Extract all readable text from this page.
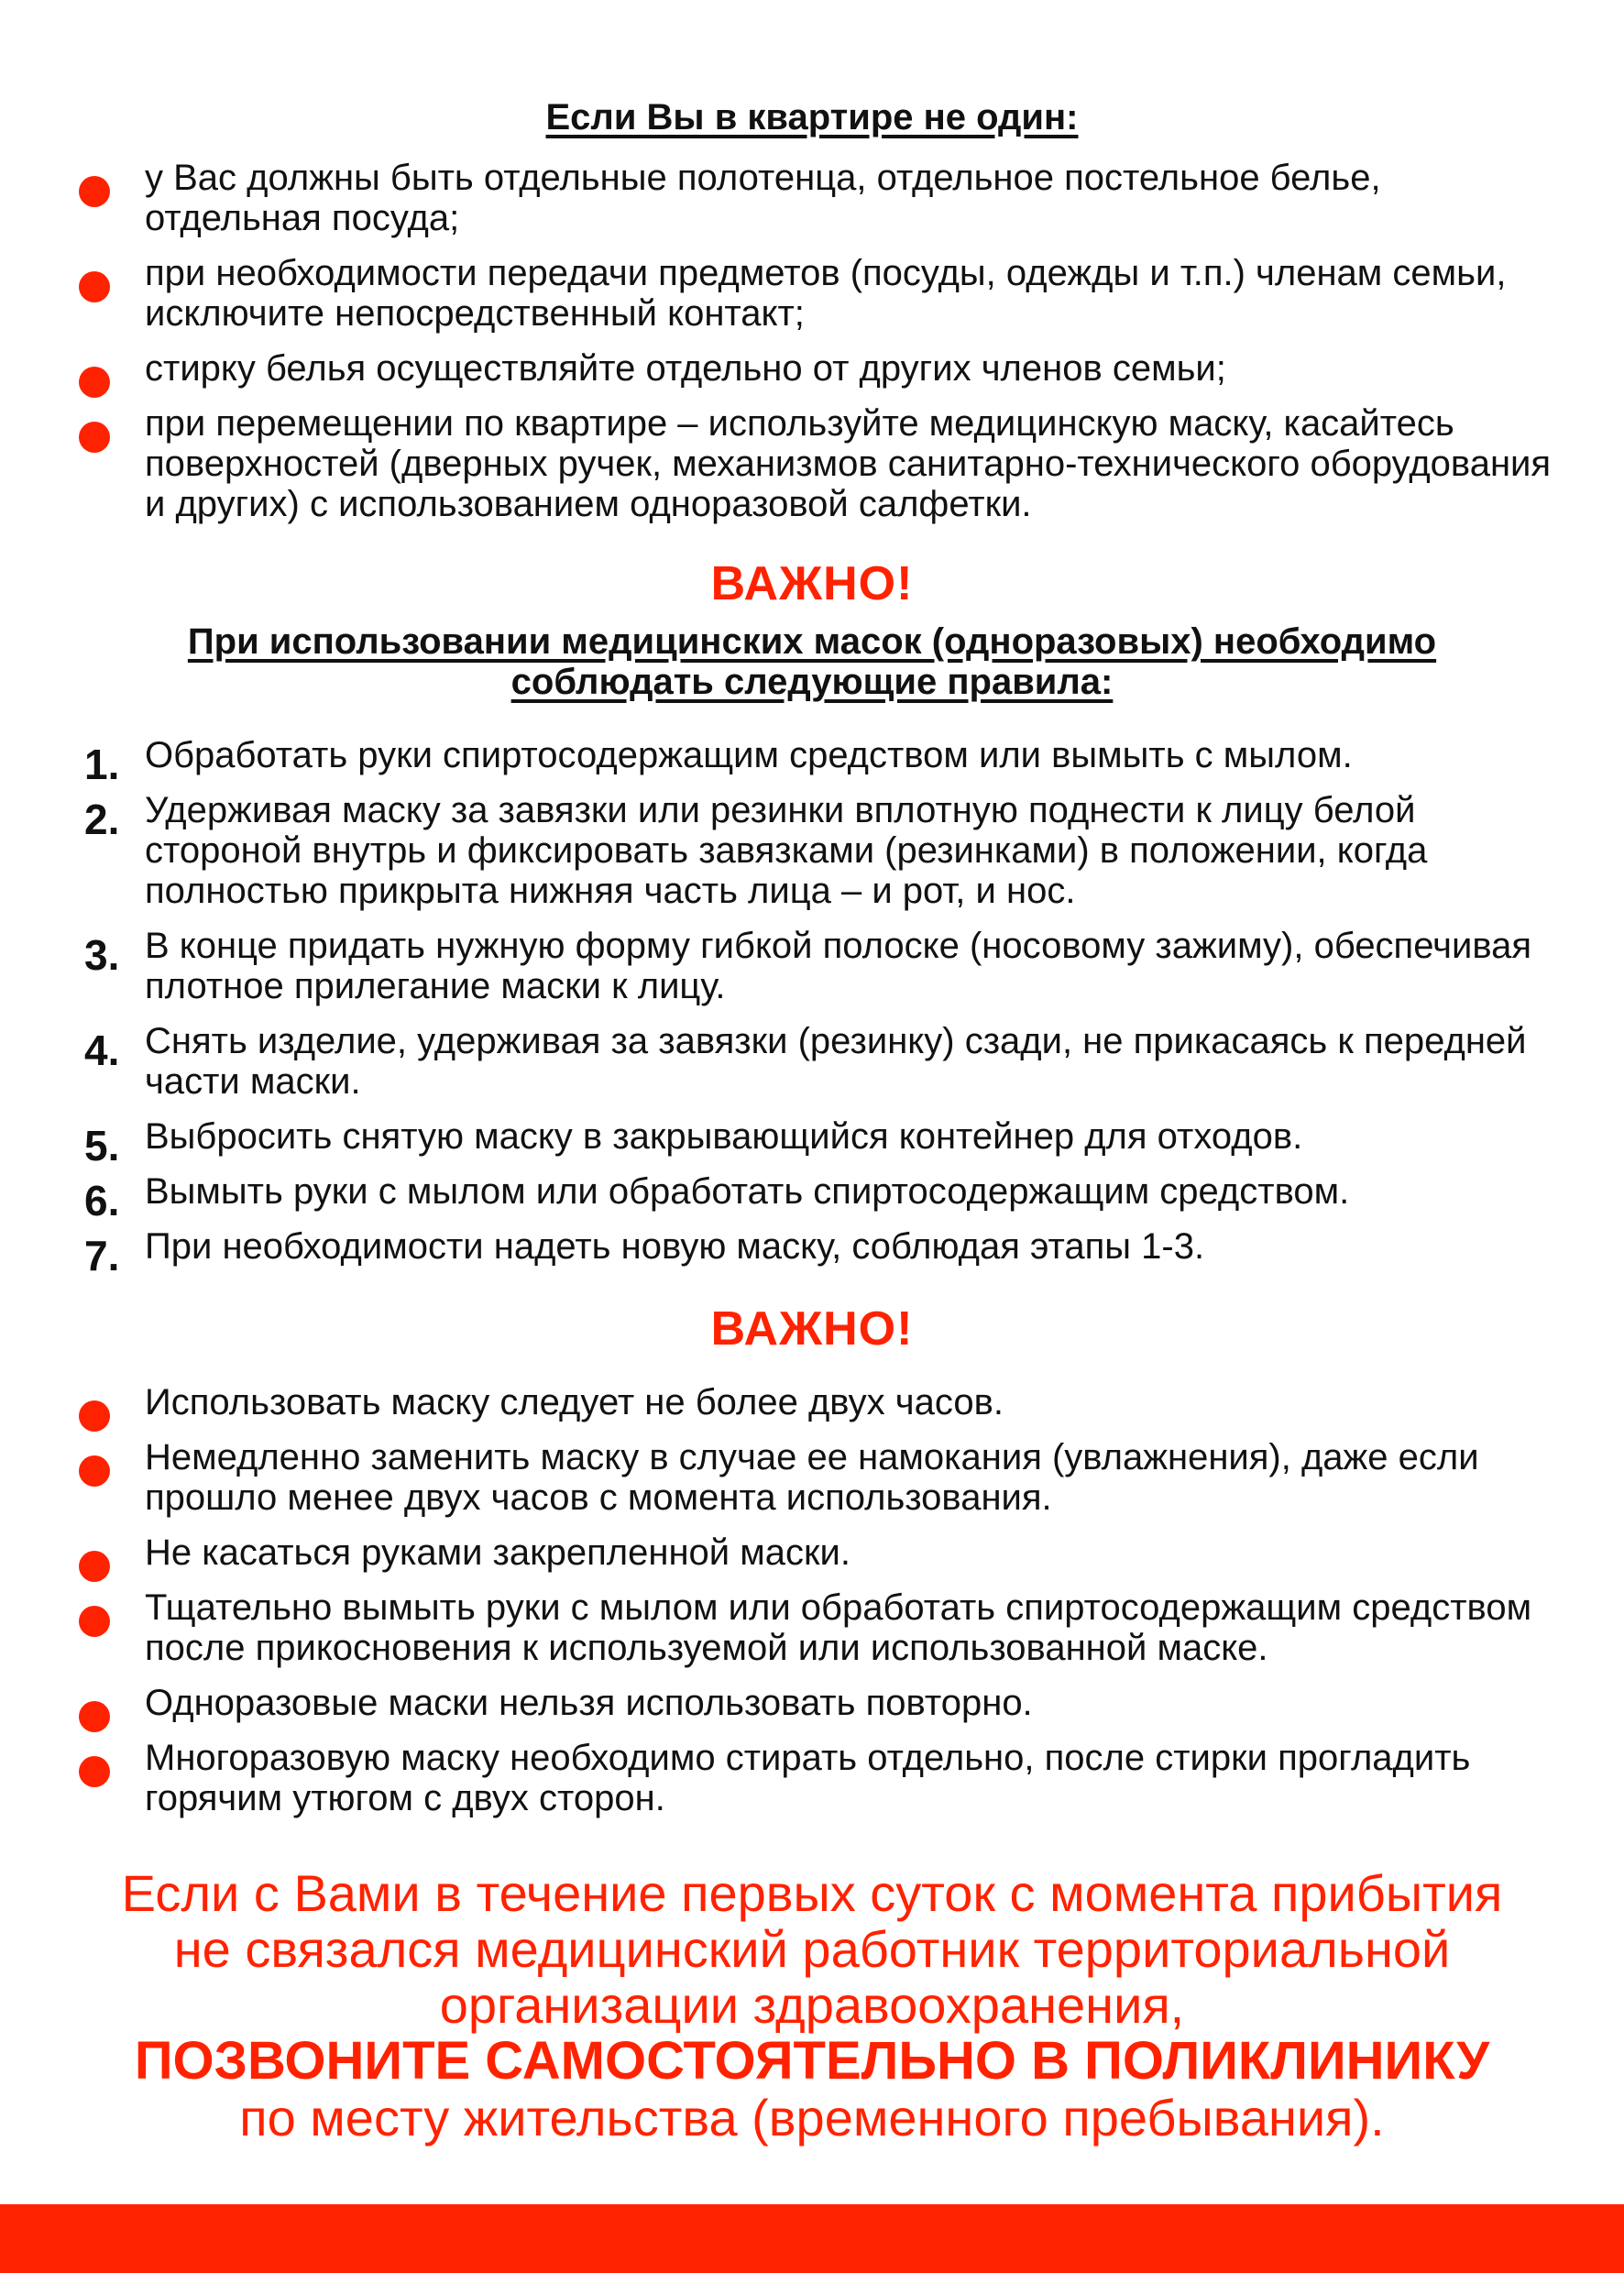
Если Вы в квартире не один:
у Вас должны быть отдельные полотенца, отдельное постельное белье, отдельная посуда;
при необходимости передачи предметов (посуды, одежды и т.п.) членам семьи, исключите непосредственный контакт;
стирку белья осуществляйте отдельно от других членов семьи;
при перемещении по квартире – используйте медицинскую маску, касайтесь поверхностей (дверных ручек, механизмов санитарно-технического оборудования и других) с использованием одноразовой салфетки.
ВАЖНО!
При использовании медицинских масок (одноразовых) необходимо
соблюдать следующие правила:
1. Обработать руки спиртосодержащим средством или вымыть с мылом.
2. Удерживая маску за завязки или резинки вплотную поднести к лицу белой стороной внутрь и фиксировать завязками (резинками) в положении, когда полностью прикрыта нижняя часть лица – и рот, и нос.
3. В конце придать нужную форму гибкой полоске (носовому зажиму), обеспечивая плотное прилегание маски к лицу.
4. Снять изделие, удерживая за завязки (резинку) сзади, не прикасаясь к передней части маски.
5. Выбросить снятую маску в закрывающийся контейнер для отходов.
6. Вымыть руки с мылом или обработать спиртосодержащим средством.
7. При необходимости надеть новую маску, соблюдая этапы 1-3.
ВАЖНО!
Использовать маску следует не более двух часов.
Немедленно заменить маску в случае ее намокания (увлажнения), даже если прошло менее двух часов с момента использования.
Не касаться руками закрепленной маски.
Тщательно вымыть руки с мылом или обработать спиртосодержащим средством после прикосновения к используемой или использованной маске.
Одноразовые маски нельзя использовать повторно.
Многоразовую маску необходимо стирать отдельно, после стирки прогладить горячим утюгом с двух сторон.
Если с Вами в течение первых суток с момента прибытия
не связался медицинский работник территориальной
организации здравоохранения,
ПОЗВОНИТЕ САМОСТОЯТЕЛЬНО В ПОЛИКЛИНИКУ
по месту жительства (временного пребывания).
